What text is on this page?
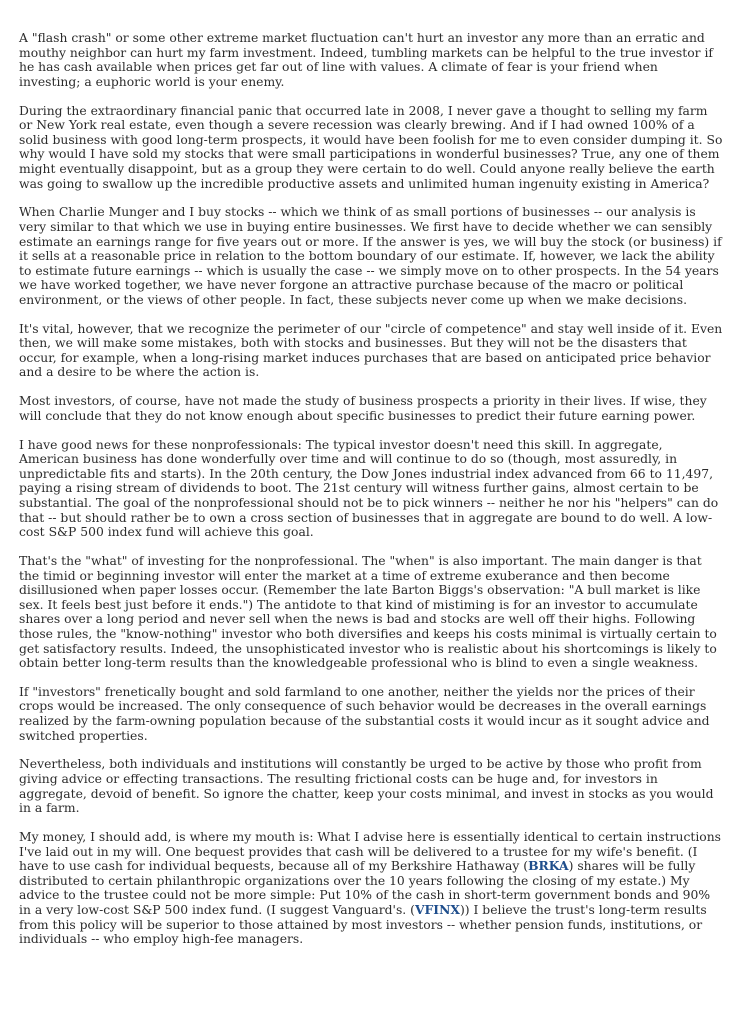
A "flash crash" or some other extreme market fluctuation can't hurt an investor any more than an erratic and mouthy neighbor can hurt my farm investment. Indeed, tumbling markets can be helpful to the true investor if he has cash available when prices get far out of line with values. A climate of fear is your friend when investing; a euphoric world is your enemy.

During the extraordinary financial panic that occurred late in 2008, I never gave a thought to selling my farm or New York real estate, even though a severe recession was clearly brewing. And if I had owned 100% of a solid business with good long-term prospects, it would have been foolish for me to even consider dumping it. So why would I have sold my stocks that were small participations in wonderful businesses? True, any one of them might eventually disappoint, but as a group they were certain to do well. Could anyone really believe the earth was going to swallow up the incredible productive assets and unlimited human ingenuity existing in America?

When Charlie Munger and I buy stocks -- which we think of as small portions of businesses -- our analysis is very similar to that which we use in buying entire businesses. We first have to decide whether we can sensibly estimate an earnings range for five years out or more. If the answer is yes, we will buy the stock (or business) if it sells at a reasonable price in relation to the bottom boundary of our estimate. If, however, we lack the ability to estimate future earnings -- which is usually the case -- we simply move on to other prospects. In the 54 years we have worked together, we have never forgone an attractive purchase because of the macro or political environment, or the views of other people. In fact, these subjects never come up when we make decisions.

It's vital, however, that we recognize the perimeter of our "circle of competence" and stay well inside of it. Even then, we will make some mistakes, both with stocks and businesses. But they will not be the disasters that occur, for example, when a long-rising market induces purchases that are based on anticipated price behavior and a desire to be where the action is.

Most investors, of course, have not made the study of business prospects a priority in their lives. If wise, they will conclude that they do not know enough about specific businesses to predict their future earning power.

I have good news for these nonprofessionals: The typical investor doesn't need this skill. In aggregate, American business has done wonderfully over time and will continue to do so (though, most assuredly, in unpredictable fits and starts). In the 20th century, the Dow Jones industrial index advanced from 66 to 11,497, paying a rising stream of dividends to boot. The 21st century will witness further gains, almost certain to be substantial. The goal of the nonprofessional should not be to pick winners -- neither he nor his "helpers" can do that -- but should rather be to own a cross section of businesses that in aggregate are bound to do well. A low-cost S&P 500 index fund will achieve this goal.

That's the "what" of investing for the nonprofessional. The "when" is also important. The main danger is that the timid or beginning investor will enter the market at a time of extreme exuberance and then become disillusioned when paper losses occur. (Remember the late Barton Biggs's observation: "A bull market is like sex. It feels best just before it ends.") The antidote to that kind of mistiming is for an investor to accumulate shares over a long period and never sell when the news is bad and stocks are well off their highs. Following those rules, the "know-nothing" investor who both diversifies and keeps his costs minimal is virtually certain to get satisfactory results. Indeed, the unsophisticated investor who is realistic about his shortcomings is likely to obtain better long-term results than the knowledgeable professional who is blind to even a single weakness.

If "investors" frenetically bought and sold farmland to one another, neither the yields nor the prices of their crops would be increased. The only consequence of such behavior would be decreases in the overall earnings realized by the farm-owning population because of the substantial costs it would incur as it sought advice and switched properties.

Nevertheless, both individuals and institutions will constantly be urged to be active by those who profit from giving advice or effecting transactions. The resulting frictional costs can be huge and, for investors in aggregate, devoid of benefit. So ignore the chatter, keep your costs minimal, and invest in stocks as you would in a farm.

My money, I should add, is where my mouth is: What I advise here is essentially identical to certain instructions I've laid out in my will. One bequest provides that cash will be delivered to a trustee for my wife's benefit. (I have to use cash for individual bequests, because all of my Berkshire Hathaway (BRKA) shares will be fully distributed to certain philanthropic organizations over the 10 years following the closing of my estate.) My advice to the trustee could not be more simple: Put 10% of the cash in short-term government bonds and 90% in a very low-cost S&P 500 index fund. (I suggest Vanguard's. (VFINX)) I believe the trust's long-term results from this policy will be superior to those attained by most investors -- whether pension funds, institutions, or individuals -- who employ high-fee managers.
